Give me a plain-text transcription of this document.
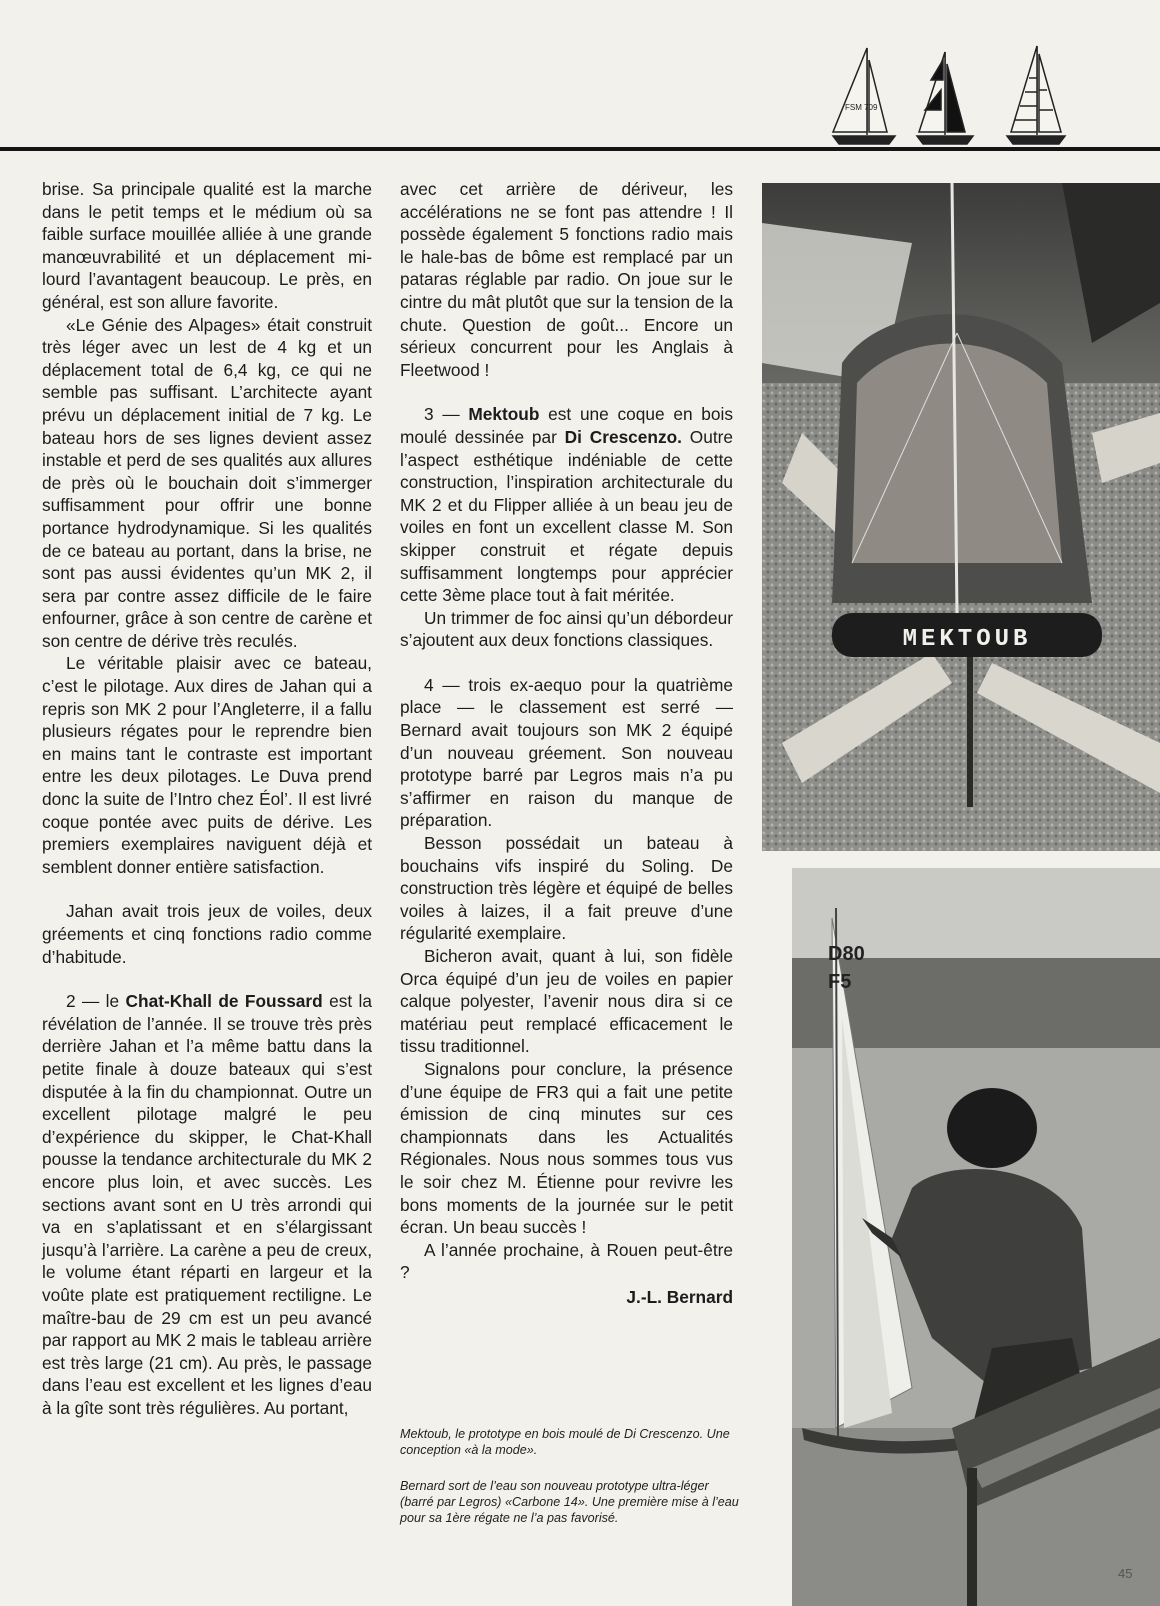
FSM 709

brise. Sa principale qualité est la marche dans le petit temps et le médium où sa faible surface mouillée alliée à une grande manœuvrabilité et un déplacement mi-lourd l’avantagent beaucoup. Le près, en général, est son allure favorite.

«Le Génie des Alpages» était construit très léger avec un lest de 4 kg et un déplacement total de 6,4 kg, ce qui ne semble pas suffisant. L’architecte ayant prévu un déplacement initial de 7 kg. Le bateau hors de ses lignes devient assez instable et perd de ses qualités aux allures de près où le bouchain doit s’immerger suffisamment pour offrir une bonne portance hydrodynamique. Si les qualités de ce bateau au portant, dans la brise, ne sont pas aussi évidentes qu’un MK 2, il sera par contre assez difficile de le faire enfourner, grâce à son centre de carène et son centre de dérive très reculés.

Le véritable plaisir avec ce bateau, c’est le pilotage. Aux dires de Jahan qui a repris son MK 2 pour l’Angleterre, il a fallu plusieurs régates pour le reprendre bien en mains tant le contraste est important entre les deux pilotages. Le Duva prend donc la suite de l’Intro chez Éol’. Il est livré coque pontée avec puits de dérive. Les premiers exemplaires naviguent déjà et semblent donner entière satisfaction.

Jahan avait trois jeux de voiles, deux gréements et cinq fonctions radio comme d’habitude.

2 — le Chat-Khall de Foussard est la révélation de l’année. Il se trouve très près derrière Jahan et l’a même battu dans la petite finale à douze bateaux qui s’est disputée à la fin du championnat. Outre un excellent pilotage malgré le peu d’expérience du skipper, le Chat-Khall pousse la tendance architecturale du MK 2 encore plus loin, et avec succès. Les sections avant sont en U très arrondi qui va en s’aplatissant et en s’élargissant jusqu’à l’arrière. La carène a peu de creux, le volume étant réparti en largeur et la voûte plate est pratiquement rectiligne. Le maître-bau de 29 cm est un peu avancé par rapport au MK 2 mais le tableau arrière est très large (21 cm). Au près, le passage dans l’eau est excellent et les lignes d’eau à la gîte sont très régulières. Au portant,

avec cet arrière de dériveur, les accélérations ne se font pas attendre ! Il possède également 5 fonctions radio mais le hale-bas de bôme est remplacé par un pataras réglable par radio. On joue sur le cintre du mât plutôt que sur la tension de la chute. Question de goût... Encore un sérieux concurrent pour les Anglais à Fleetwood !

3 — Mektoub est une coque en bois moulé dessinée par Di Crescenzo. Outre l’aspect esthétique indéniable de cette construction, l’inspiration architecturale du MK 2 et du Flipper alliée à un beau jeu de voiles en font un excellent classe M. Son skipper construit et régate depuis suffisamment longtemps pour apprécier cette 3ème place tout à fait méritée.

Un trimmer de foc ainsi qu’un débordeur s’ajoutent aux deux fonctions classiques.

4 — trois ex-aequo pour la quatrième place — le classement est serré — Bernard avait toujours son MK 2 équipé d’un nouveau gréement. Son nouveau prototype barré par Legros mais n’a pu s’affirmer en raison du manque de préparation.

Besson possédait un bateau à bouchains vifs inspiré du Soling. De construction très légère et équipé de belles voiles à laizes, il a fait preuve d’une régularité exemplaire.

Bicheron avait, quant à lui, son fidèle Orca équipé d’un jeu de voiles en papier calque polyester, l’avenir nous dira si ce matériau peut remplacé efficacement le tissu traditionnel.

Signalons pour conclure, la présence d’une équipe de FR3 qui a fait une petite émission de cinq minutes sur ces championnats dans les Actualités Régionales. Nous nous sommes tous vus le soir chez M. Étienne pour revivre les bons moments de la journée sur le petit écran. Un beau succès !

A l’année prochaine, à Rouen peut-être ?

J.-L. Bernard
MEKTOUB
D80
F5
Mektoub, le prototype en bois moulé de Di Crescenzo. Une conception «à la mode».
Bernard sort de l’eau son nouveau prototype ultra-léger (barré par Legros) «Carbone 14». Une première mise à l’eau pour sa 1ère régate ne l’a pas favorisé.
45
